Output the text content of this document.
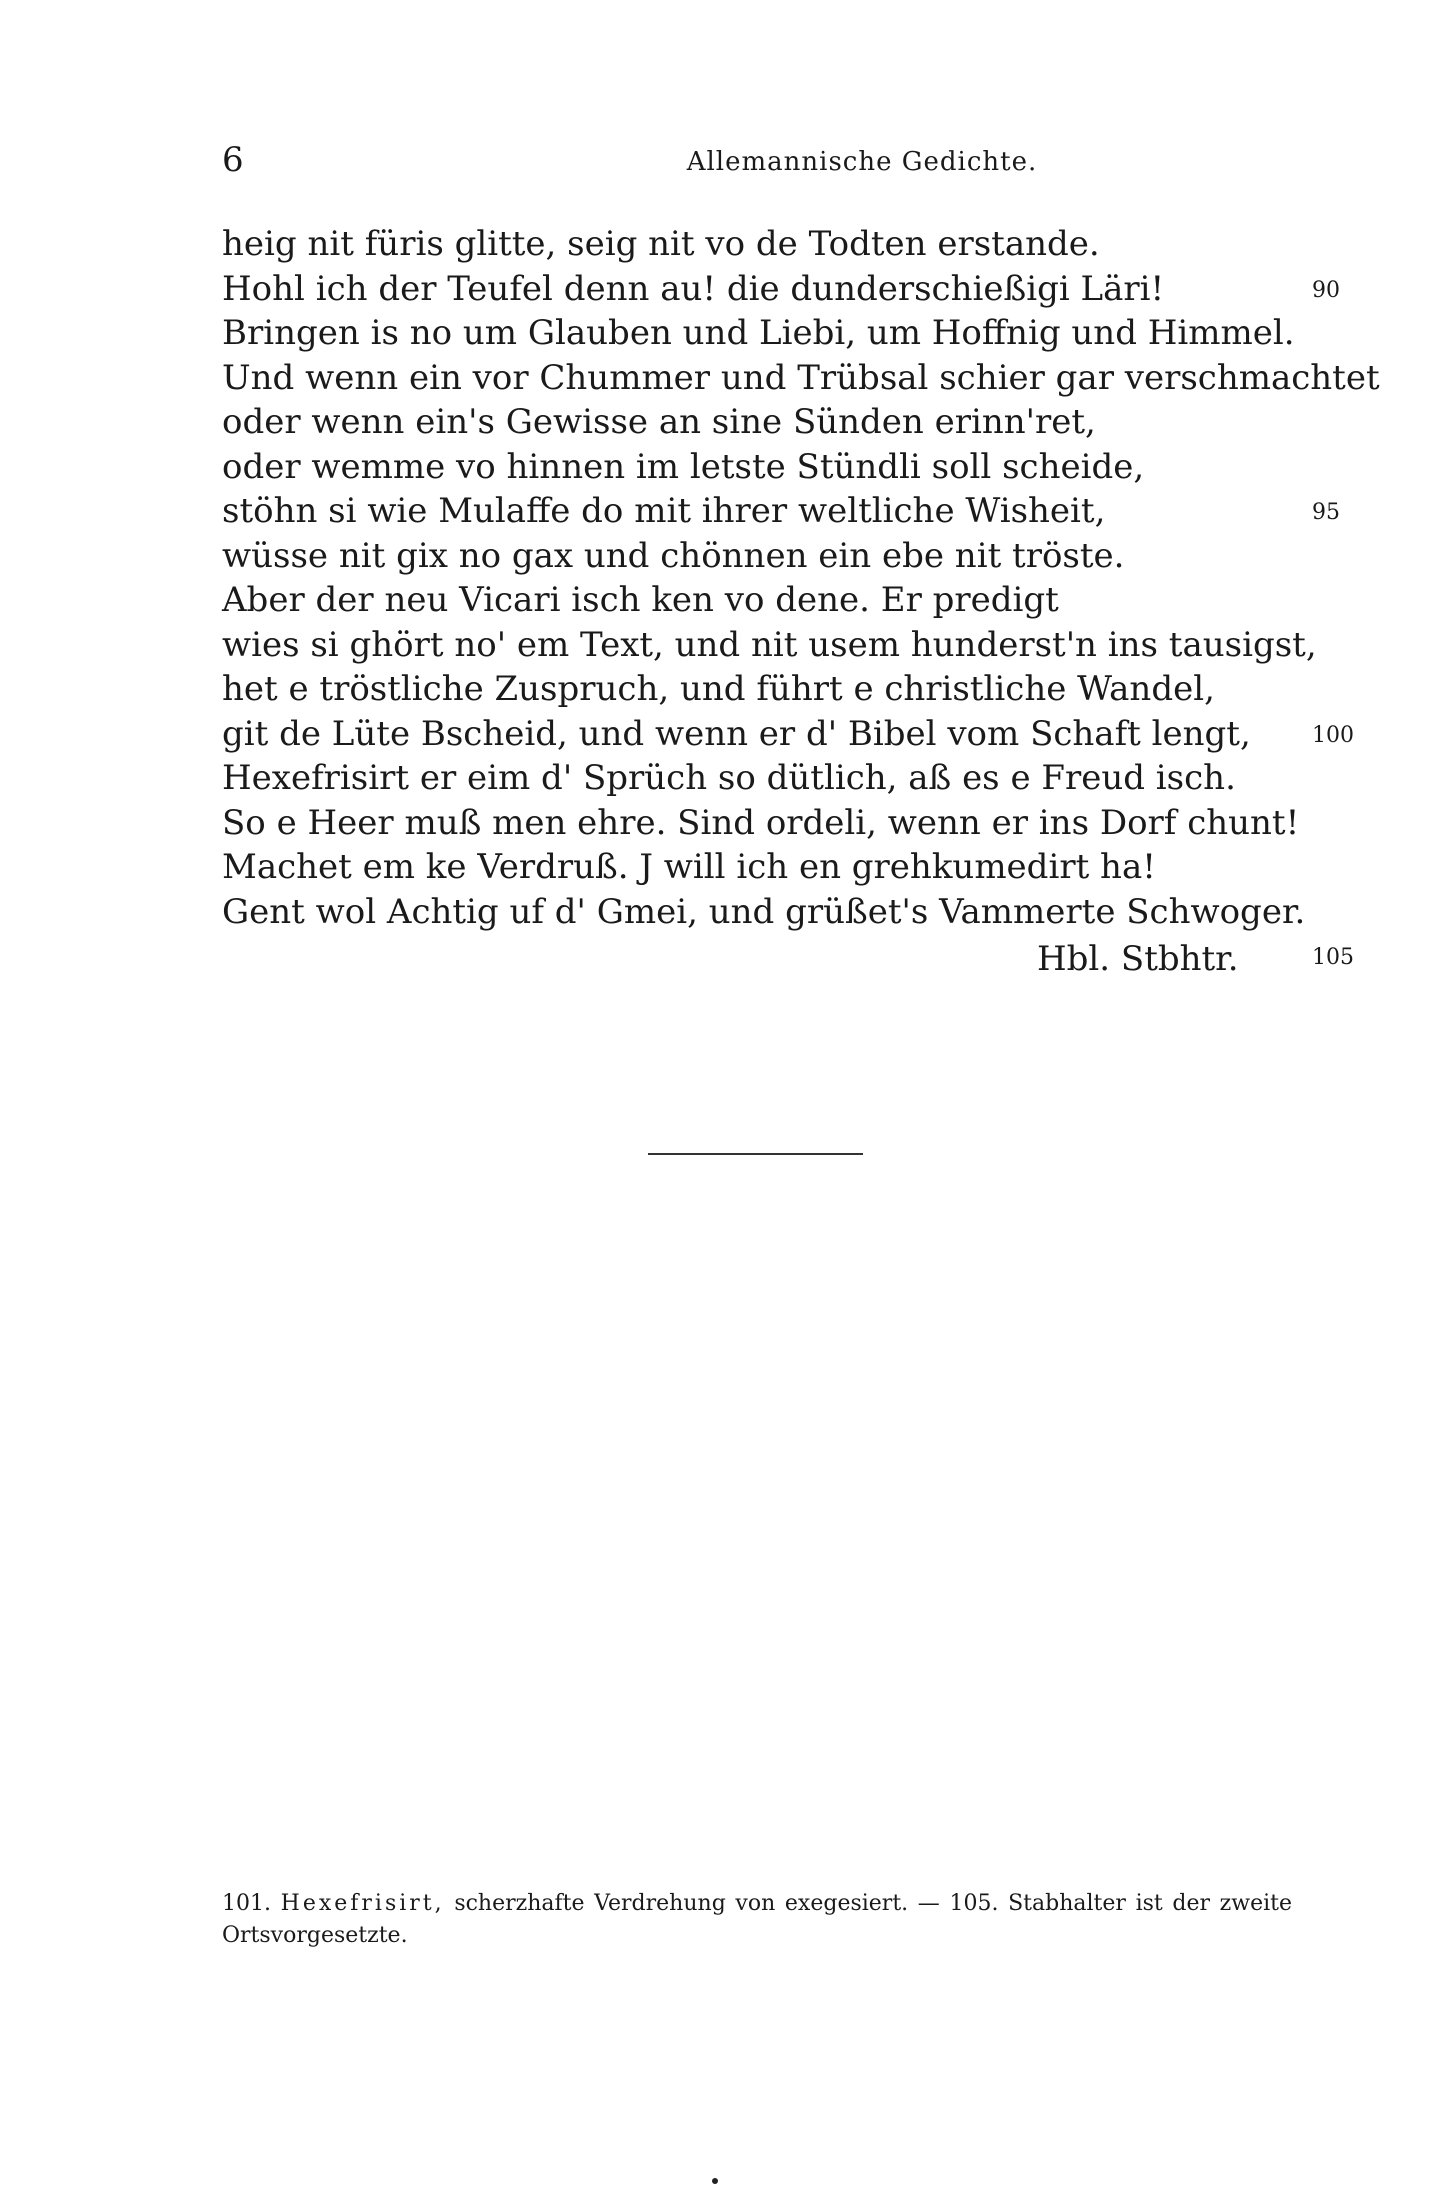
6	Allemannische Gedichte.
heig nit füris glitte, seig nit vo de Todten erstande.
Hohl ich der Teufel denn au! die dunderschießigi Läri!	90
Bringen is no um Glauben und Liebi, um Hoffnig und Himmel.
Und wenn ein vor Chummer und Trübsal schier gar verschmachtet
oder wenn ein's Gewisse an sine Sünden erinn'ret,
oder wemme vo hinnen im letste Stündli soll scheide,
stöhn si wie Mulaffe do mit ihrer weltliche Wisheit,	95
wüsse nit gix no gax und chönnen ein ebe nit tröste.
Aber der neu Vicari isch ken vo dene. Er predigt
wies si ghört no' em Text, und nit usem hunderst'n ins tausigst,
het e tröstliche Zuspruch, und führt e christliche Wandel,
git de Lüte Bscheid, und wenn er d' Bibel vom Schaft lengt,	100
Hexefrisirt er eim d' Sprüch so dütlich, aß es e Freud isch.
So e Heer muß men ehre. Sind ordeli, wenn er ins Dorf chunt!
Machet em ke Verdruß. J will ich en grehkumedirt ha!
Gent wol Achtig uf d' Gmei, und grüßet's Vammerte Schwoger.
Hbl. Stbhtr.	105
101. Hexefrisirt, scherzhafte Verdrehung von exegesiert. — 105. Stabhalter ist der zweite Ortsvorgesetzte.
